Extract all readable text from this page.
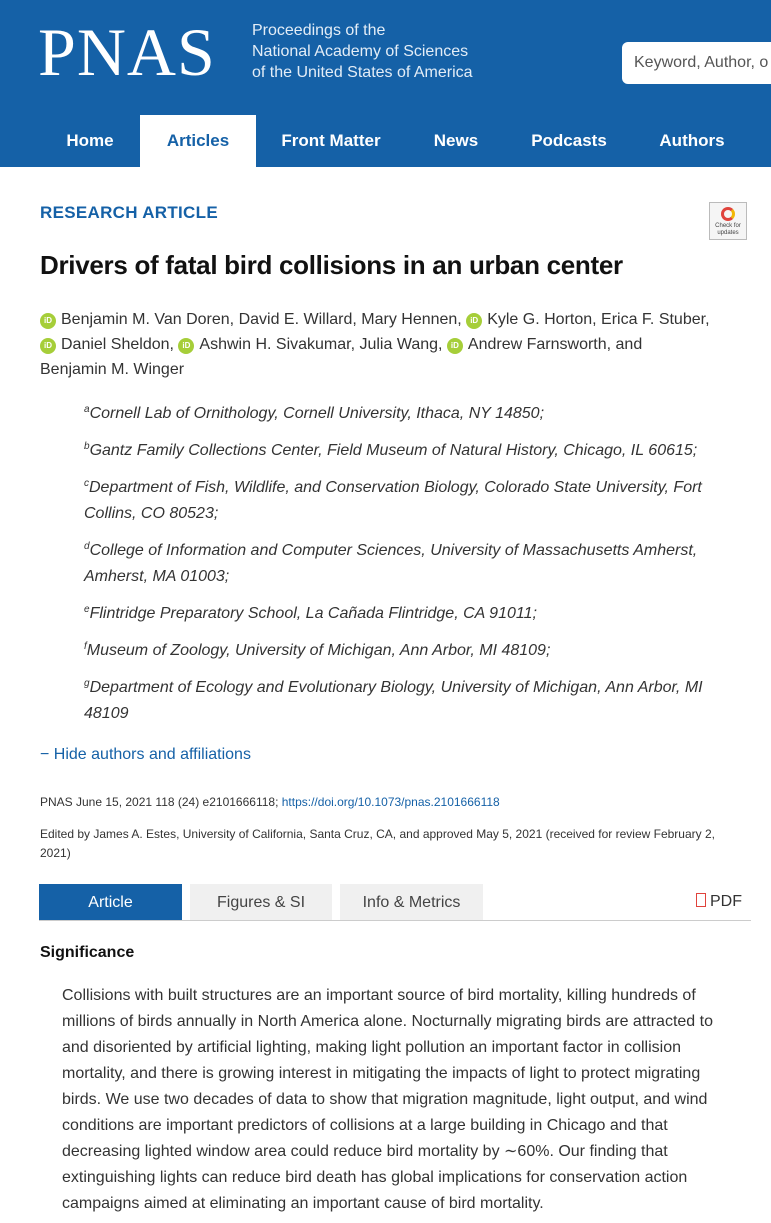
PNAS Proceedings of the
National Academy of Sciences
of the United States of America
Keyword, Author, o
Home	Articles	Front Matter	News	Podcasts	Authors
RESEARCH ARTICLE
Check for updates
Drivers of fatal bird collisions in an urban center
iD Benjamin M. Van Doren, David E. Willard, Mary Hennen, iD Kyle G. Horton, Erica F. Stuber,
iD Daniel Sheldon, iD Ashwin H. Sivakumar, Julia Wang, iD Andrew Farnsworth, and
Benjamin M. Winger
$^a$Cornell Lab of Ornithology, Cornell University, Ithaca, NY 14850;
$^b$Gantz Family Collections Center, Field Museum of Natural History, Chicago, IL 60615;
$^c$Department of Fish, Wildlife, and Conservation Biology, Colorado State University, Fort Collins, CO 80523;
$^d$College of Information and Computer Sciences, University of Massachusetts Amherst, Amherst, MA 01003;
$^e$Flintridge Preparatory School, La Cañada Flintridge, CA 91011;
$^f$Museum of Zoology, University of Michigan, Ann Arbor, MI 48109;
$^g$Department of Ecology and Evolutionary Biology, University of Michigan, Ann Arbor, MI 48109
− Hide authors and affiliations
PNAS June 15, 2021 118 (24) e2101666118; https://doi.org/10.1073/pnas.2101666118
Edited by James A. Estes, University of California, Santa Cruz, CA, and approved May 5, 2021 (received for review February 2, 2021)
Article	Figures & SI	Info & Metrics	PDF
Significance
Collisions with built structures are an important source of bird mortality, killing hundreds of millions of birds annually in North America alone. Nocturnally migrating birds are attracted to and disoriented by artificial lighting, making light pollution an important factor in collision mortality, and there is growing interest in mitigating the impacts of light to protect migrating birds. We use two decades of data to show that migration magnitude, light output, and wind conditions are important predictors of collisions at a large building in Chicago and that decreasing lighted window area could reduce bird mortality by ∼60%. Our finding that extinguishing lights can reduce bird death has global implications for conservation action campaigns aimed at eliminating an important cause of bird mortality.
